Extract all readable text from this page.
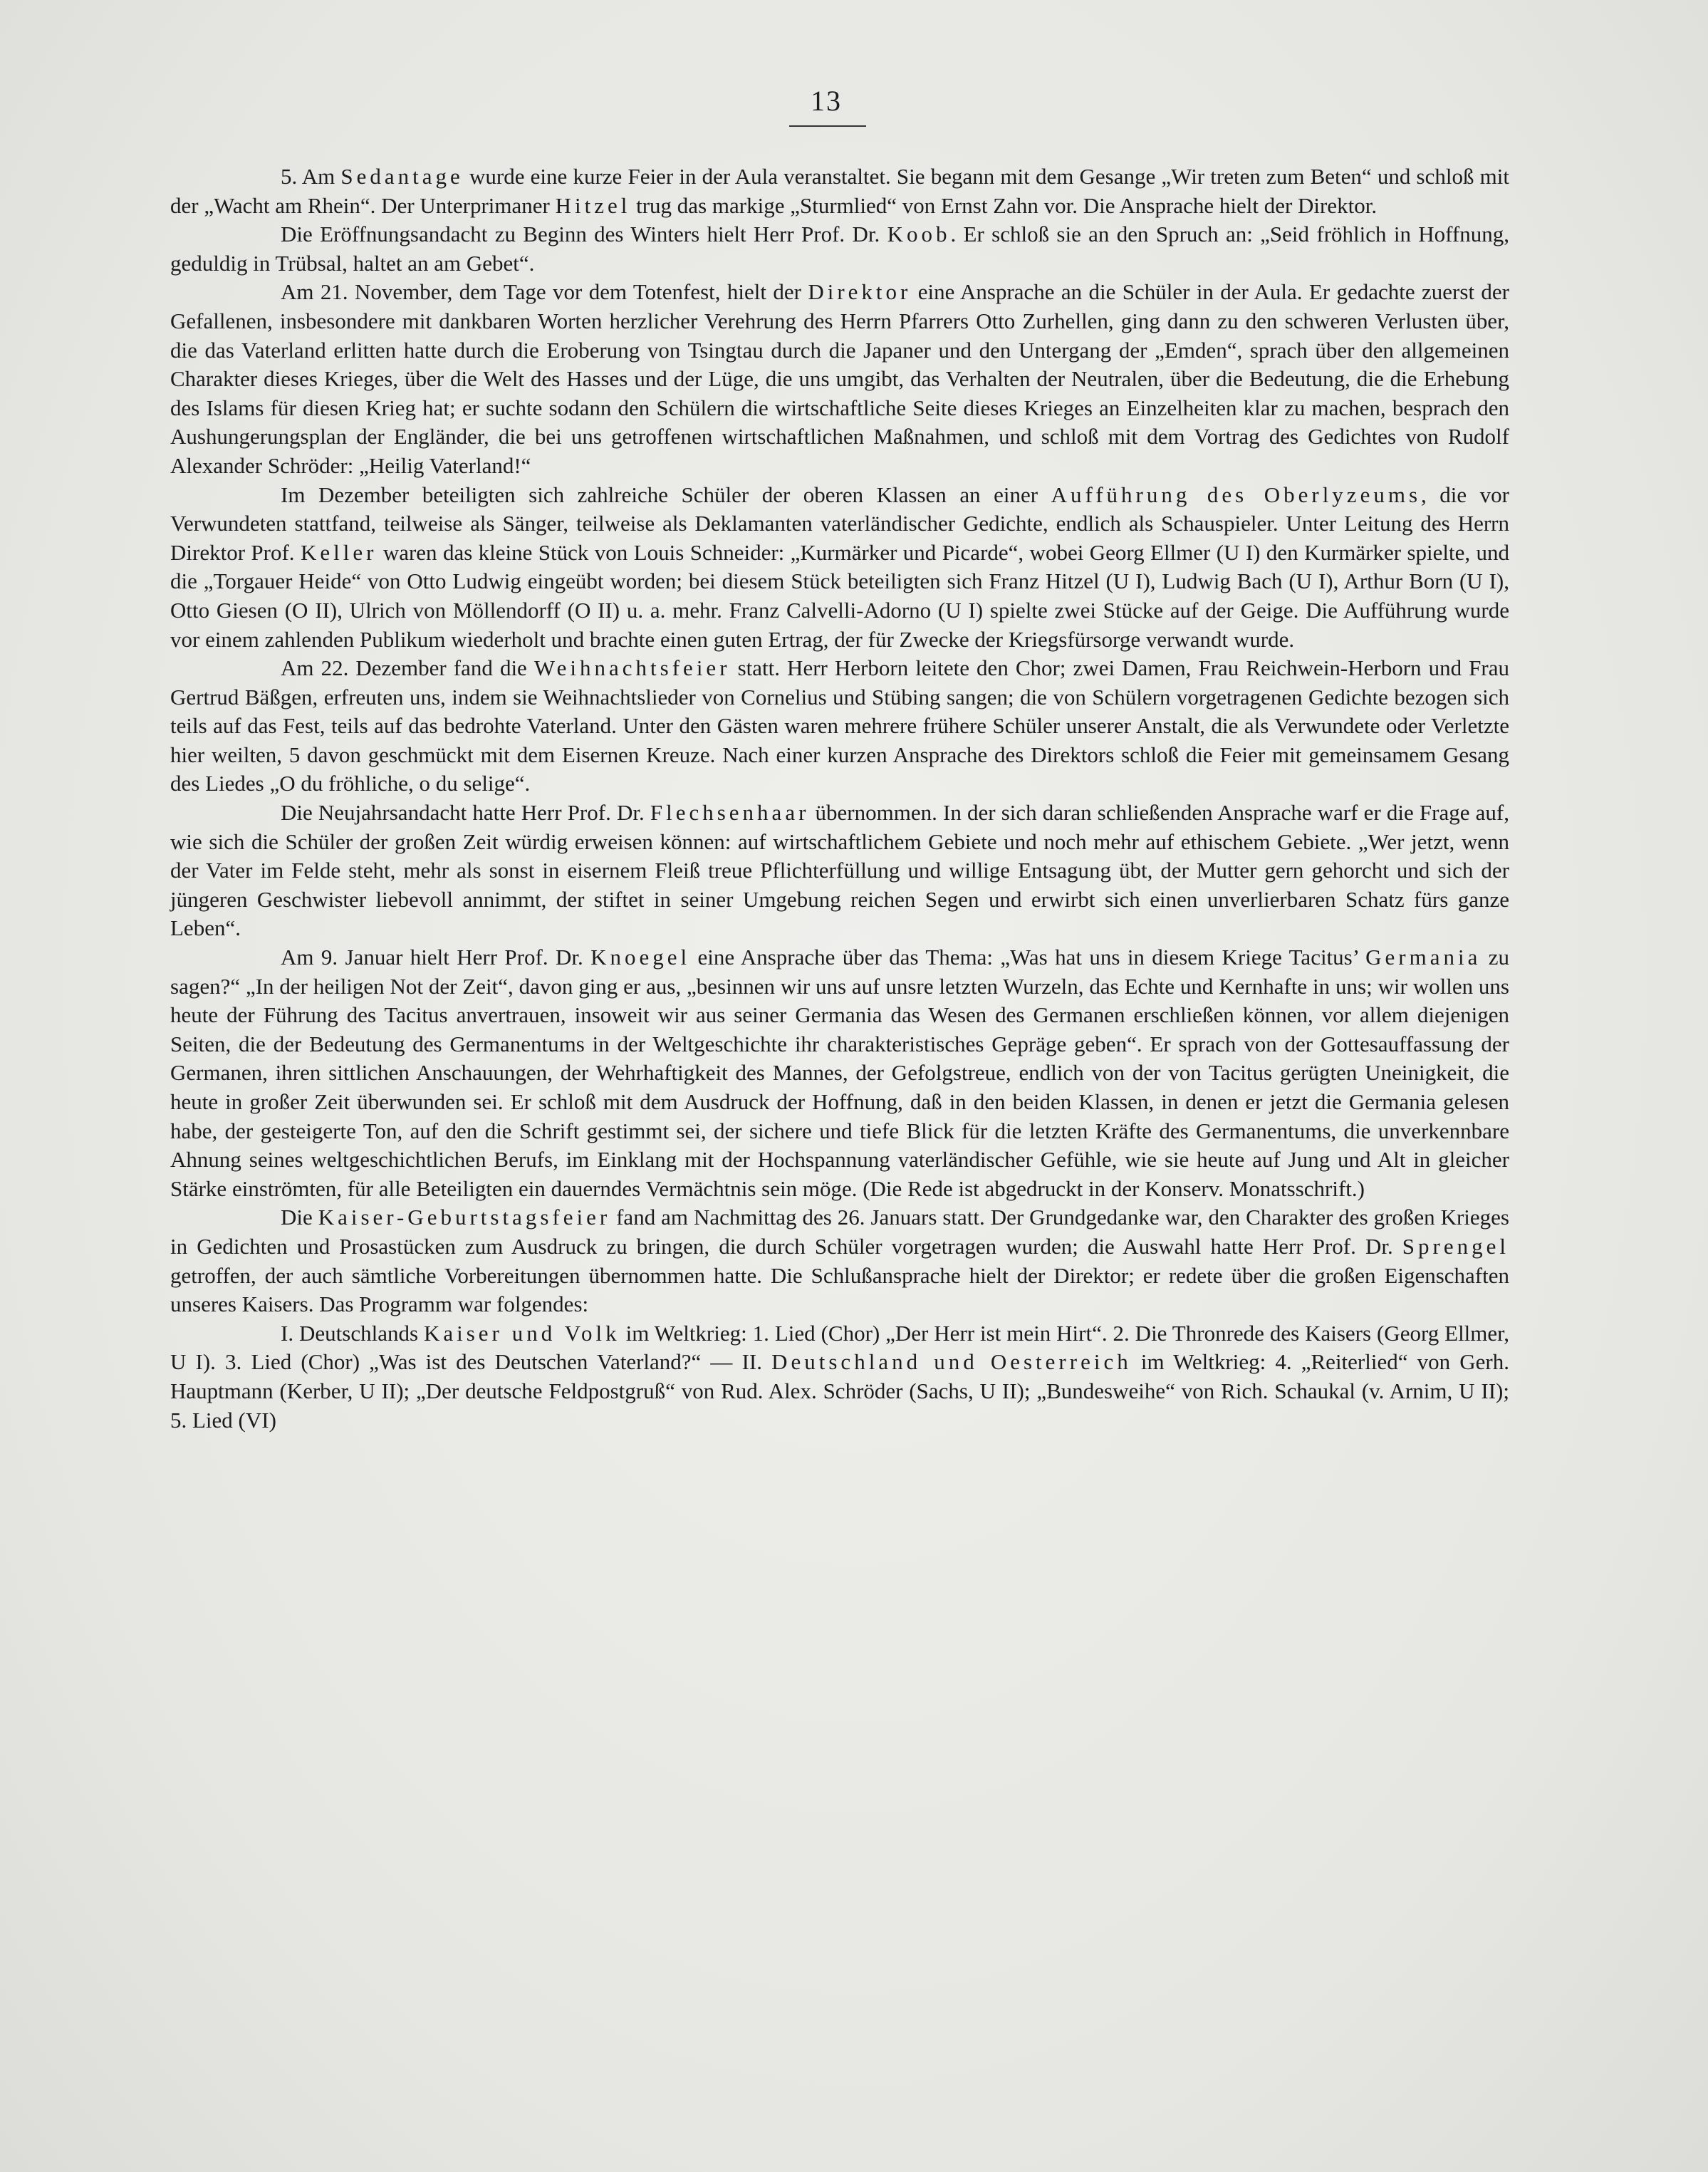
13

5. Am Sedantage wurde eine kurze Feier in der Aula veranstaltet. Sie begann mit dem Gesange „Wir treten zum Beten“ und schloß mit der „Wacht am Rhein“. Der Unterprimaner Hitzel trug das markige „Sturmlied“ von Ernst Zahn vor. Die Ansprache hielt der Direktor.

Die Eröffnungsandacht zu Beginn des Winters hielt Herr Prof. Dr. Koob. Er schloß sie an den Spruch an: „Seid fröhlich in Hoffnung, geduldig in Trübsal, haltet an am Gebet“.

Am 21. November, dem Tage vor dem Totenfest, hielt der Direktor eine Ansprache an die Schüler in der Aula. Er gedachte zuerst der Gefallenen, insbesondere mit dankbaren Worten herzlicher Verehrung des Herrn Pfarrers Otto Zurhellen, ging dann zu den schweren Verlusten über, die das Vaterland erlitten hatte durch die Eroberung von Tsingtau durch die Japaner und den Untergang der „Emden“, sprach über den allgemeinen Charakter dieses Krieges, über die Welt des Hasses und der Lüge, die uns umgibt, das Verhalten der Neutralen, über die Bedeutung, die die Erhebung des Islams für diesen Krieg hat; er suchte sodann den Schülern die wirtschaftliche Seite dieses Krieges an Einzelheiten klar zu machen, besprach den Aushungerungsplan der Engländer, die bei uns getroffenen wirtschaftlichen Maßnahmen, und schloß mit dem Vortrag des Gedichtes von Rudolf Alexander Schröder: „Heilig Vaterland!“

Im Dezember beteiligten sich zahlreiche Schüler der oberen Klassen an einer Aufführung des Oberlyzeums, die vor Verwundeten stattfand, teilweise als Sänger, teilweise als Deklamanten vaterländischer Gedichte, endlich als Schauspieler. Unter Leitung des Herrn Direktor Prof. Keller waren das kleine Stück von Louis Schneider: „Kurmärker und Picarde“, wobei Georg Ellmer (U I) den Kurmärker spielte, und die „Torgauer Heide“ von Otto Ludwig eingeübt worden; bei diesem Stück beteiligten sich Franz Hitzel (U I), Ludwig Bach (U I), Arthur Born (U I), Otto Giesen (O II), Ulrich von Möllendorff (O II) u. a. mehr. Franz Calvelli-Adorno (U I) spielte zwei Stücke auf der Geige. Die Aufführung wurde vor einem zahlenden Publikum wiederholt und brachte einen guten Ertrag, der für Zwecke der Kriegsfürsorge verwandt wurde.

Am 22. Dezember fand die Weihnachtsfeier statt. Herr Herborn leitete den Chor; zwei Damen, Frau Reichwein-Herborn und Frau Gertrud Bäßgen, erfreuten uns, indem sie Weihnachtslieder von Cornelius und Stübing sangen; die von Schülern vorgetragenen Gedichte bezogen sich teils auf das Fest, teils auf das bedrohte Vaterland. Unter den Gästen waren mehrere frühere Schüler unserer Anstalt, die als Verwundete oder Verletzte hier weilten, 5 davon geschmückt mit dem Eisernen Kreuze. Nach einer kurzen Ansprache des Direktors schloß die Feier mit gemeinsamem Gesang des Liedes „O du fröhliche, o du selige“.

Die Neujahrsandacht hatte Herr Prof. Dr. Flechsenhaar übernommen. In der sich daran schließenden Ansprache warf er die Frage auf, wie sich die Schüler der großen Zeit würdig erweisen können: auf wirtschaftlichem Gebiete und noch mehr auf ethischem Gebiete. „Wer jetzt, wenn der Vater im Felde steht, mehr als sonst in eisernem Fleiß treue Pflichterfüllung und willige Entsagung übt, der Mutter gern gehorcht und sich der jüngeren Geschwister liebevoll annimmt, der stiftet in seiner Umgebung reichen Segen und erwirbt sich einen unverlierbaren Schatz fürs ganze Leben“.

Am 9. Januar hielt Herr Prof. Dr. Knoegel eine Ansprache über das Thema: „Was hat uns in diesem Kriege Tacitus’ Germania zu sagen?“ „In der heiligen Not der Zeit“, davon ging er aus, „besinnen wir uns auf unsre letzten Wurzeln, das Echte und Kernhafte in uns; wir wollen uns heute der Führung des Tacitus anvertrauen, insoweit wir aus seiner Germania das Wesen des Germanen erschließen können, vor allem diejenigen Seiten, die der Bedeutung des Germanentums in der Weltgeschichte ihr charakteristisches Gepräge geben“. Er sprach von der Gottesauffassung der Germanen, ihren sittlichen Anschauungen, der Wehrhaftigkeit des Mannes, der Gefolgstreue, endlich von der von Tacitus gerügten Uneinigkeit, die heute in großer Zeit überwunden sei. Er schloß mit dem Ausdruck der Hoffnung, daß in den beiden Klassen, in denen er jetzt die Germania gelesen habe, der gesteigerte Ton, auf den die Schrift gestimmt sei, der sichere und tiefe Blick für die letzten Kräfte des Germanentums, die unverkennbare Ahnung seines weltgeschichtlichen Berufs, im Einklang mit der Hochspannung vaterländischer Gefühle, wie sie heute auf Jung und Alt in gleicher Stärke einströmten, für alle Beteiligten ein dauerndes Vermächtnis sein möge. (Die Rede ist abgedruckt in der Konserv. Monatsschrift.)

Die Kaiser-Geburtstagsfeier fand am Nachmittag des 26. Januars statt. Der Grundgedanke war, den Charakter des großen Krieges in Gedichten und Prosastücken zum Ausdruck zu bringen, die durch Schüler vorgetragen wurden; die Auswahl hatte Herr Prof. Dr. Sprengel getroffen, der auch sämtliche Vorbereitungen übernommen hatte. Die Schlußansprache hielt der Direktor; er redete über die großen Eigenschaften unseres Kaisers. Das Programm war folgendes:

I. Deutschlands Kaiser und Volk im Weltkrieg: 1. Lied (Chor) „Der Herr ist mein Hirt“. 2. Die Thronrede des Kaisers (Georg Ellmer, U I). 3. Lied (Chor) „Was ist des Deutschen Vaterland?“ — II. Deutschland und Oesterreich im Weltkrieg: 4. „Reiterlied“ von Gerh. Hauptmann (Kerber, U II); „Der deutsche Feldpostgruß“ von Rud. Alex. Schröder (Sachs, U II); „Bundesweihe“ von Rich. Schaukal (v. Arnim, U II); 5. Lied (VI)
